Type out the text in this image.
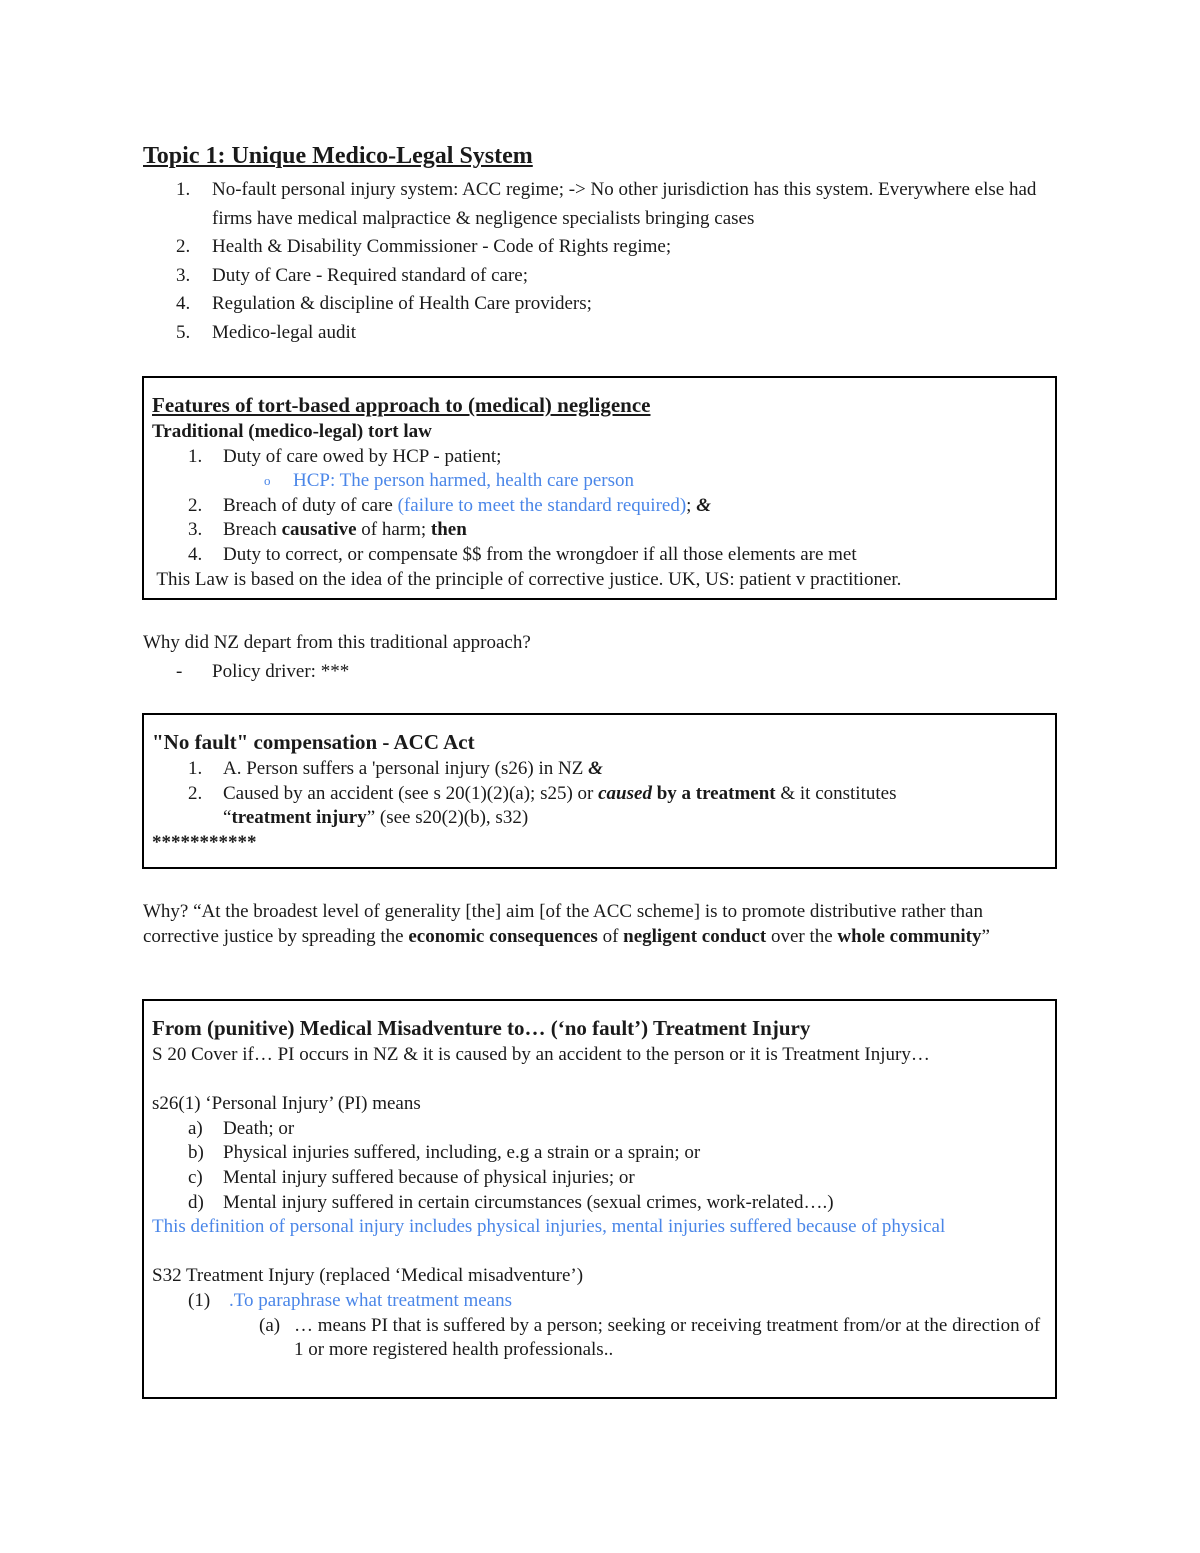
Topic 1: Unique Medico-Legal System
1. No-fault personal injury system: ACC regime; -> No other jurisdiction has this system. Everywhere else had firms have medical malpractice & negligence specialists bringing cases
2. Health & Disability Commissioner - Code of Rights regime;
3. Duty of Care - Required standard of care;
4. Regulation & discipline of Health Care providers;
5. Medico-legal audit

Features of tort-based approach to (medical) negligence

Traditional (medico-legal) tort law

1. Duty of care owed by HCP - patient;
o HCP: The person harmed, health care person
2. Breach of duty of care (failure to meet the standard required); &
3. Breach causative of harm; then
4. Duty to correct, or compensate $$ from the wrongdoer if all those elements are met

This Law is based on the idea of the principle of corrective justice. UK, US: patient v practitioner.

Why did NZ depart from this traditional approach?

- Policy driver: ***

"No fault" compensation - ACC Act

1. A. Person suffers a 'personal injury (s26) in NZ &
2. Caused by an accident (see s 20(1)(2)(a); s25) or caused by a treatment & it constitutes
“treatment injury” (see s20(2)(b), s32)

***********

Why? “At the broadest level of generality [the] aim [of the ACC scheme] is to promote distributive rather than corrective justice by spreading the economic consequences of negligent conduct over the whole community”

From (punitive) Medical Misadventure to… (‘no fault’) Treatment Injury

S 20 Cover if… PI occurs in NZ & it is caused by an accident to the person or it is Treatment Injury…

s26(1) ‘Personal Injury’ (PI) means

a) Death; or
b) Physical injuries suffered, including, e.g a strain or a sprain; or
c) Mental injury suffered because of physical injuries; or
d) Mental injury suffered in certain circumstances (sexual crimes, work-related….)

This definition of personal injury includes physical injuries, mental injuries suffered because of physical

S32 Treatment Injury (replaced ‘Medical misadventure’)

(1) .To paraphrase what treatment means
(a) … means PI that is suffered by a person; seeking or receiving treatment from/or at the direction of 1 or more registered health professionals..
